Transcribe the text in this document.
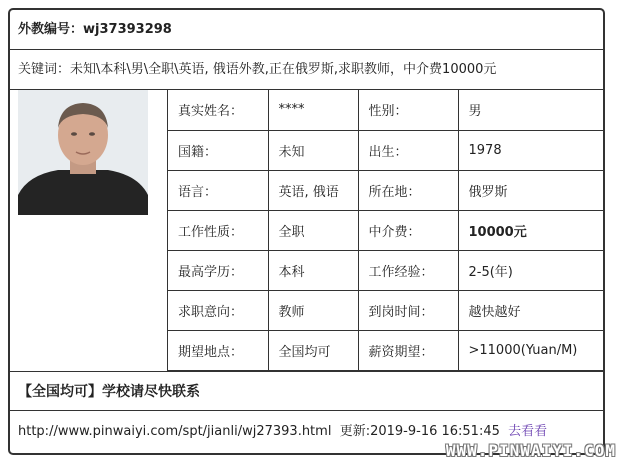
外教编号：wj37393298
关键词：未知\本科\男\全职\英语, 俄语外教,正在俄罗斯,求职教师，中介费10000元
真实姓名：	****	性别：	男
国籍：	未知	出生：	1978
语言：	英语, 俄语	所在地：	俄罗斯
工作性质：	全职	中介费：	10000元
最高学历：	本科	工作经验：	2-5(年)
求职意向：	教师	到岗时间：	越快越好
期望地点：	全国均可	薪资期望：	>11000(Yuan/M)
【全国均可】学校请尽快联系
http://www.pinwaiyi.com/spt/jianli/wj27393.html 更新:2019-9-16 16:51:45 去看看
WWW.PINWAIYI.COM
